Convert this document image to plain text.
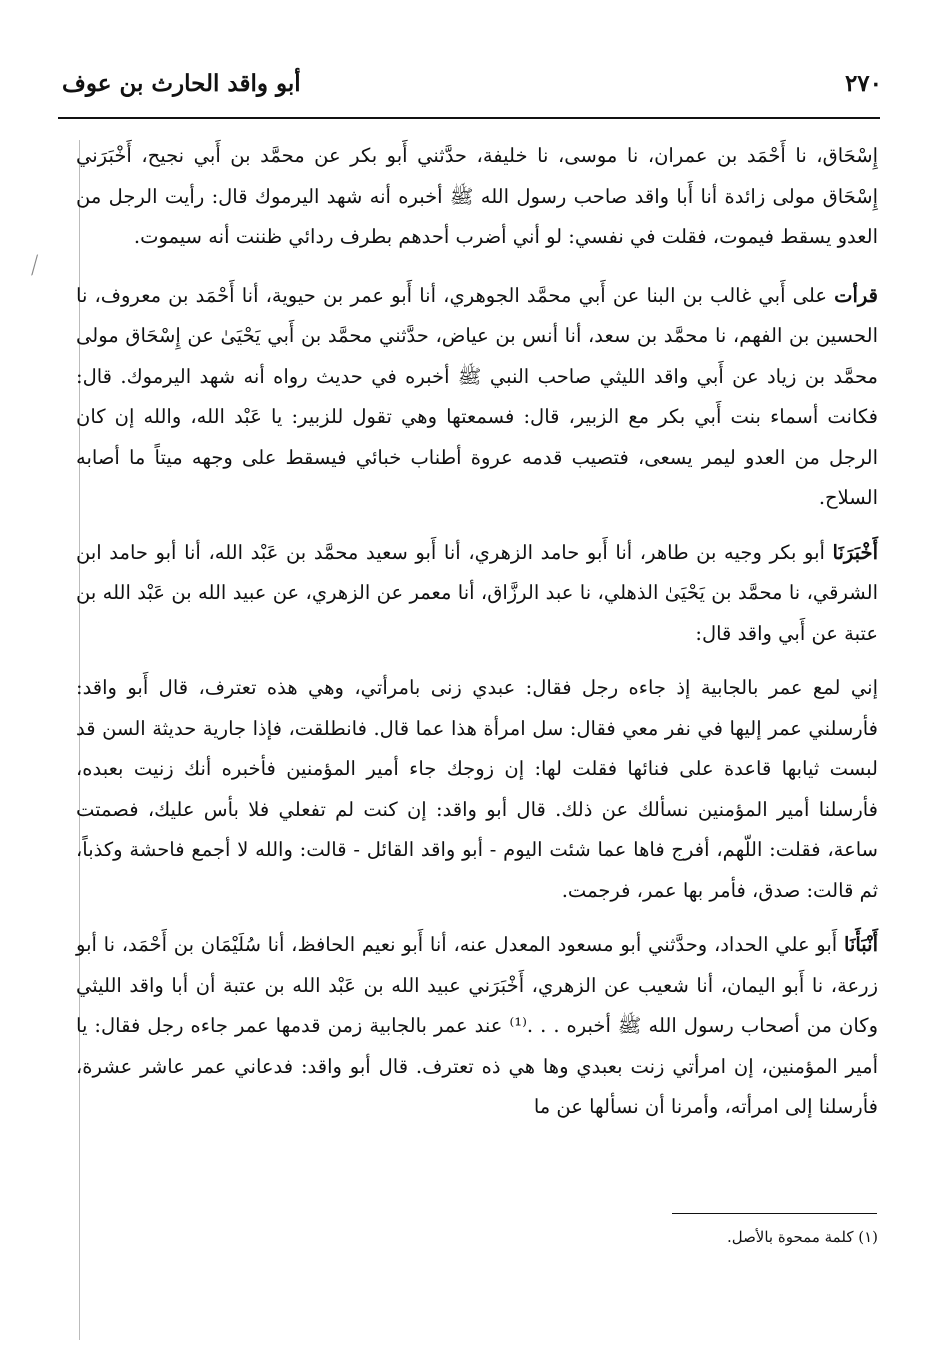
٢٧٠
أبو واقد الحارث بن عوف
⟋

إِسْحَاق، نا أَحْمَد بن عمران، نا موسى، نا خليفة، حدَّثني أَبو بكر عن محمَّد بن أَبي نجيح، أَخْبَرَني إِسْحَاق مولى زائدة أنا أَبا واقد صاحب رسول الله ﷺ أخبره أنه شهد اليرموك قال: رأيت الرجل من العدو يسقط فيموت، فقلت في نفسي: لو أني أضرب أحدهم بطرف ردائي ظننت أنه سيموت.

قرأت على أَبي غالب بن البنا عن أَبي محمَّد الجوهري، أنا أَبو عمر بن حيوية، أنا أَحْمَد بن معروف، نا الحسين بن الفهم، نا محمَّد بن سعد، أنا أنس بن عياض، حدَّثني محمَّد بن أَبي يَحْيَىٰ عن إِسْحَاق مولى محمَّد بن زياد عن أَبي واقد الليثي صاحب النبي ﷺ أخبره في حديث رواه أنه شهد اليرموك. قال: فكانت أسماء بنت أَبي بكر مع الزبير، قال: فسمعتها وهي تقول للزبير: يا عَبْد الله، والله إن كان الرجل من العدو ليمر يسعى، فتصيب قدمه عروة أطناب خبائي فيسقط على وجهه ميتاً ما أصابه السلاح.

أَخْبَرَنَا أبو بكر وجيه بن طاهر، أنا أَبو حامد الزهري، أنا أَبو سعيد محمَّد بن عَبْد الله، أنا أبو حامد ابن الشرقي، نا محمَّد بن يَحْيَىٰ الذهلي، نا عبد الرزَّاق، أنا معمر عن الزهري، عن عبيد الله بن عَبْد الله بن عتبة عن أَبي واقد قال:

إني لمع عمر بالجابية إذ جاءه رجل فقال: عبدي زنى بامرأتي، وهي هذه تعترف، قال أَبو واقد: فأرسلني عمر إليها في نفر معي فقال: سل امرأة هذا عما قال. فانطلقت، فإذا جارية حديثة السن قد لبست ثيابها قاعدة على فنائها فقلت لها: إن زوجك جاء أمير المؤمنين فأخبره أنك زنيت بعبده، فأرسلنا أمير المؤمنين نسألك عن ذلك. قال أبو واقد: إن كنت لم تفعلي فلا بأس عليك، فصمتت ساعة، فقلت: اللّهم، أفرج فاها عما شئت اليوم - أبو واقد القائل - قالت: والله لا أجمع فاحشة وكذباً، ثم قالت: صدق، فأمر بها عمر، فرجمت.

أَنْبَأَنَا أَبو علي الحداد، وحدَّثني أبو مسعود المعدل عنه، أنا أَبو نعيم الحافظ، أنا سُلَيْمَان بن أَحْمَد، نا أبو زرعة، نا أَبو اليمان، أنا شعيب عن الزهري، أَخْبَرَني عبيد الله بن عَبْد الله بن عتبة أن أبا واقد الليثي وكان من أصحاب رسول الله ﷺ أخبره . . .⁽¹⁾ عند عمر بالجابية زمن قدمها عمر جاءه رجل فقال: يا أمير المؤمنين، إن امرأتي زنت بعبدي وها هي ذه تعترف. قال أبو واقد: فدعاني عمر عاشر عشرة، فأرسلنا إلى امرأته، وأمرنا أن نسألها عن ما

(١) كلمة ممحوة بالأصل.
